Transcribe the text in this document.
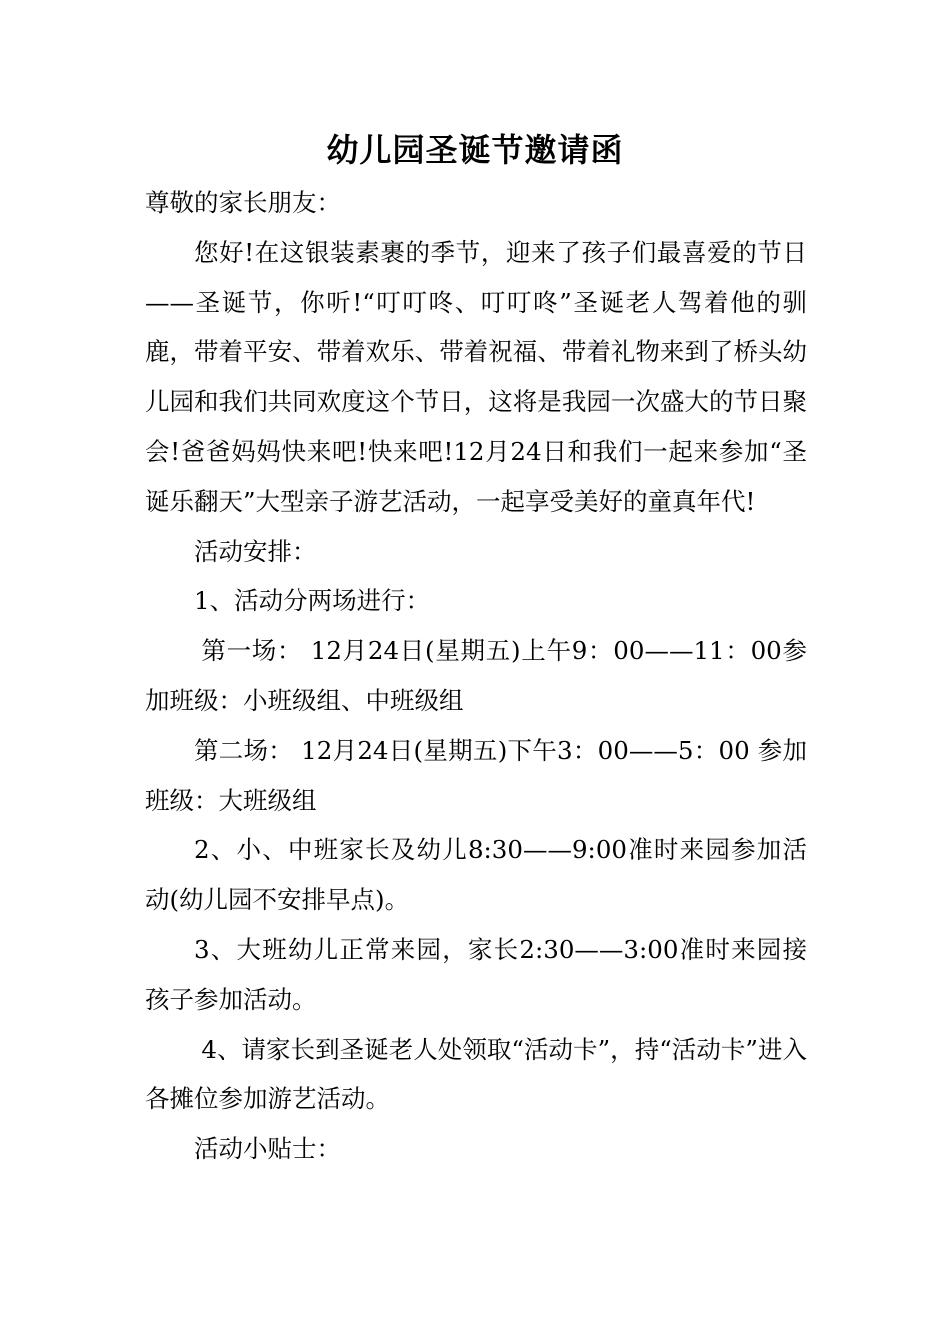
幼儿园圣诞节邀请函

尊敬的家长朋友：

您好!在这银装素裹的季节，迎来了孩子们最喜爱的节日——圣诞节，你听!“叮叮咚、叮叮咚”圣诞老人驾着他的驯鹿，带着平安、带着欢乐、带着祝福、带着礼物来到了桥头幼儿园和我们共同欢度这个节日，这将是我园一次盛大的节日聚会!爸爸妈妈快来吧!快来吧!12月24日和我们一起来参加“圣诞乐翻天”大型亲子游艺活动，一起享受美好的童真年代!

活动安排：

1、活动分两场进行：

第一场： 12月24日(星期五)上午9：00——11：00参加班级：小班级组、中班级组

第二场： 12月24日(星期五)下午3：00——5：00 参加班级：大班级组

2、小、中班家长及幼儿8:30——9:00准时来园参加活动(幼儿园不安排早点)。

3、大班幼儿正常来园，家长2:30——3:00准时来园接孩子参加活动。

4、请家长到圣诞老人处领取“活动卡”，持“活动卡”进入各摊位参加游艺活动。

活动小贴士：
